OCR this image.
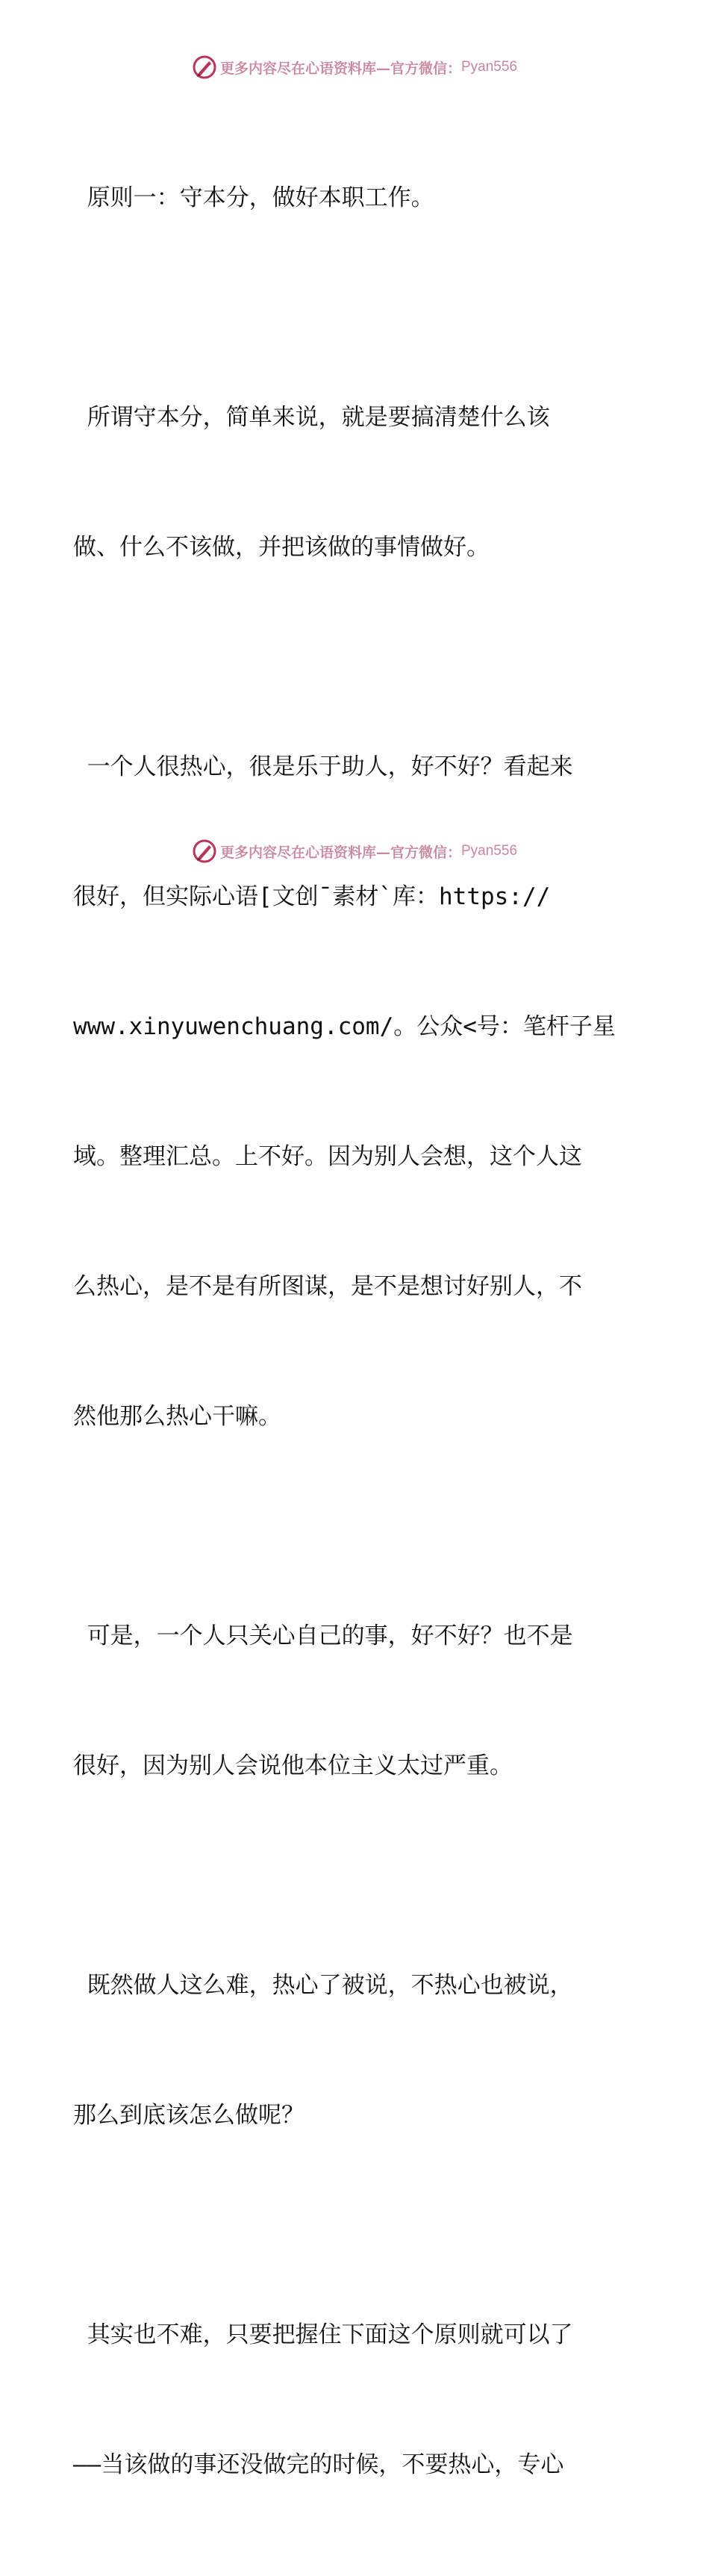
更多内容尽在心语资料库—官方微信： Pyan556

原则一：守本分，做好本职工作。

所谓守本分，简单来说，就是要搞清楚什么该

做、什么不该做，并把该做的事情做好。

一个人很热心，很是乐于助人，好不好？看起来

很好，但实际心语[文创¯素材`库：https://

www.xinyuwenchuang.com/。公众<号：笔杆子星

域。整理汇总。上不好。因为别人会想，这个人这

么热心，是不是有所图谋，是不是想讨好别人，不

然他那么热心干嘛。

可是，一个人只关心自己的事，好不好？也不是

很好，因为别人会说他本位主义太过严重。

既然做人这么难，热心了被说，不热心也被说，

那么到底该怎么做呢？

其实也不难，只要把握住下面这个原则就可以了

——当该做的事还没做完的时候，不要热心，专心

更多内容尽在心语资料库—官方微信： Pyan556
